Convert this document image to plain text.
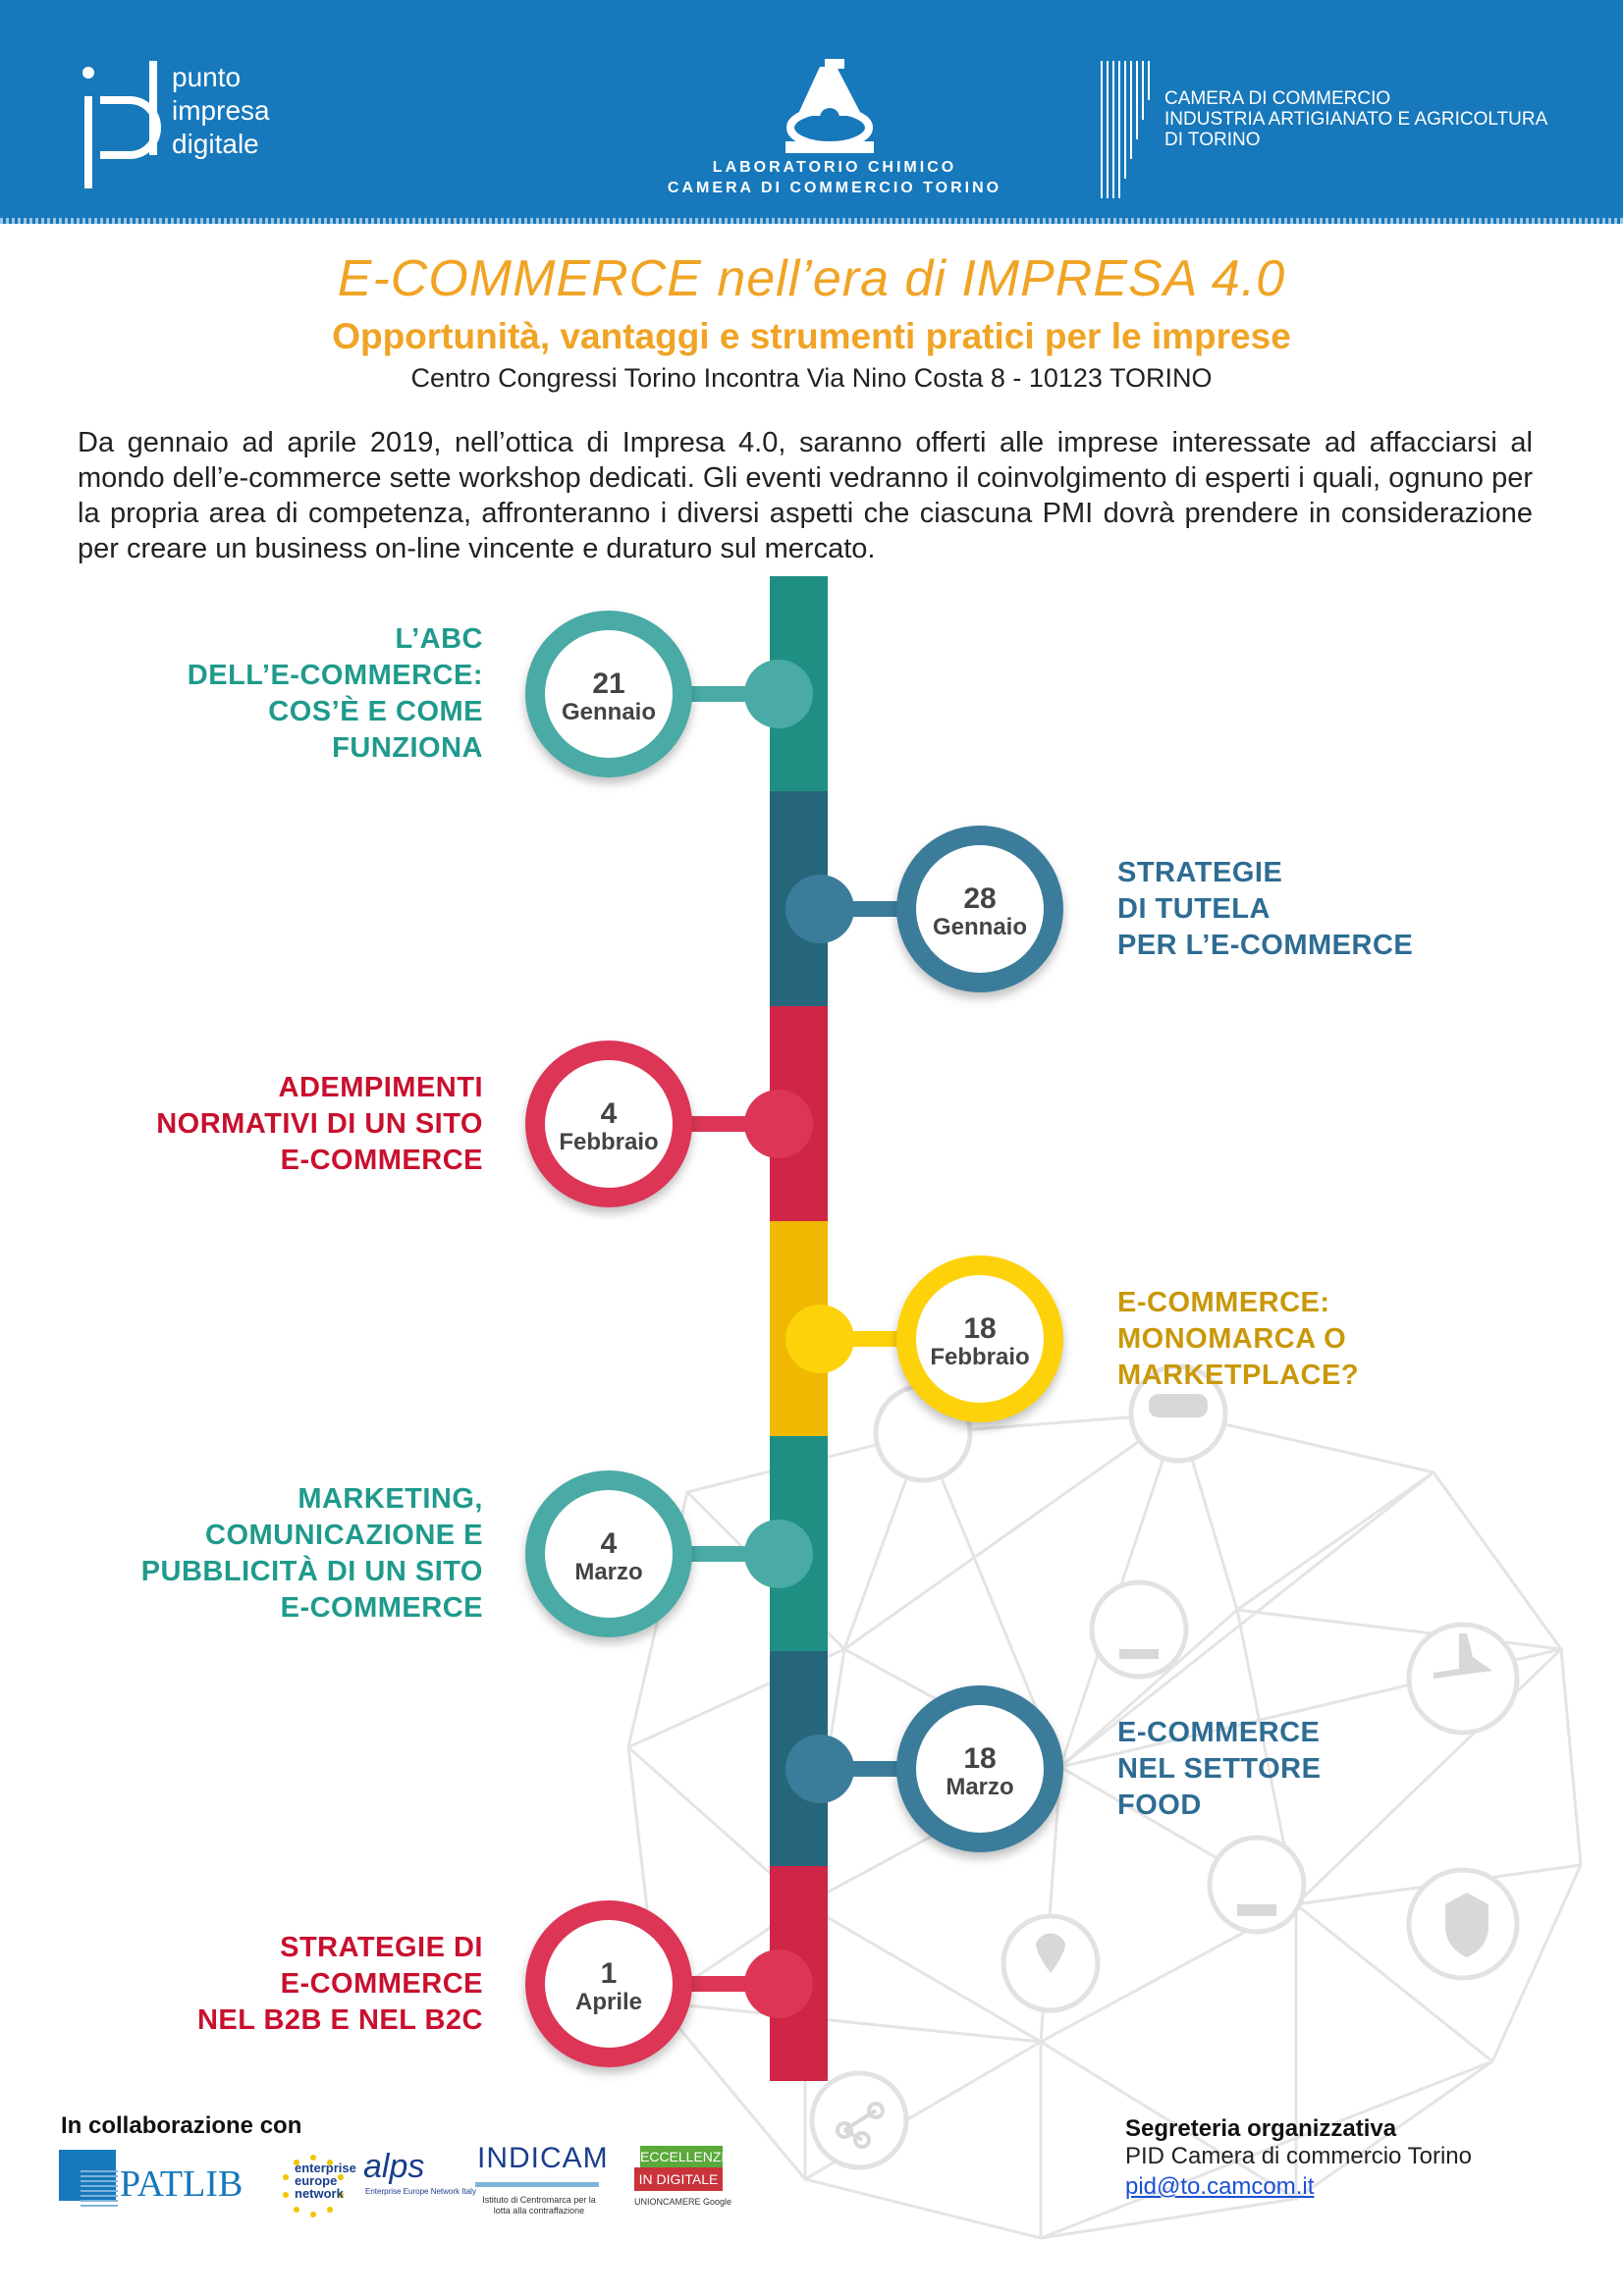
punto
impresa
digitale
LABORATORIO CHIMICO
CAMERA DI COMMERCIO TORINO
CAMERA DI COMMERCIO
INDUSTRIA ARTIGIANATO E AGRICOLTURA
DI TORINO
E-COMMERCE nell’era di IMPRESA 4.0
Opportunità, vantaggi e strumenti pratici per le imprese
Centro Congressi Torino Incontra Via Nino Costa 8 - 10123 TORINO
Da gennaio ad aprile 2019, nell’ottica di Impresa 4.0, saranno offerti alle imprese interessate ad affacciarsi al mondo dell’e-commerce sette workshop dedicati. Gli eventi vedranno il coinvolgimento di esperti i quali, ognuno per la propria area di competenza, affronteranno i diversi aspetti che ciascuna PMI dovrà prendere in considerazione per creare un business on-line vincente e duraturo sul mercato.
21
Gennaio
L’ABC
DELL’E-COMMERCE:
COS’È E COME
FUNZIONA
28
Gennaio
STRATEGIE
DI TUTELA
PER L’E-COMMERCE
4
Febbraio
ADEMPIMENTI
NORMATIVI DI UN SITO
E-COMMERCE
18
Febbraio
E-COMMERCE:
MONOMARCA O
MARKETPLACE?
4
Marzo
MARKETING,
COMUNICAZIONE E
PUBBLICITÀ DI UN SITO
E-COMMERCE
18
Marzo
E-COMMERCE
NEL SETTORE
FOOD
1
Aprile
STRATEGIE DI
E-COMMERCE
NEL B2B E NEL B2C
In collaborazione con
PATLIB	enterprise
europe
network
alps
Enterprise Europe Network Italy
INDICAM
Istituto di Centromarca per la lotta alla contraffazione
ECCELLENZE
IN DIGITALE
UNIONCAMERE Google
Segreteria organizzativa
PID Camera di commercio Torino
pid@to.camcom.it
